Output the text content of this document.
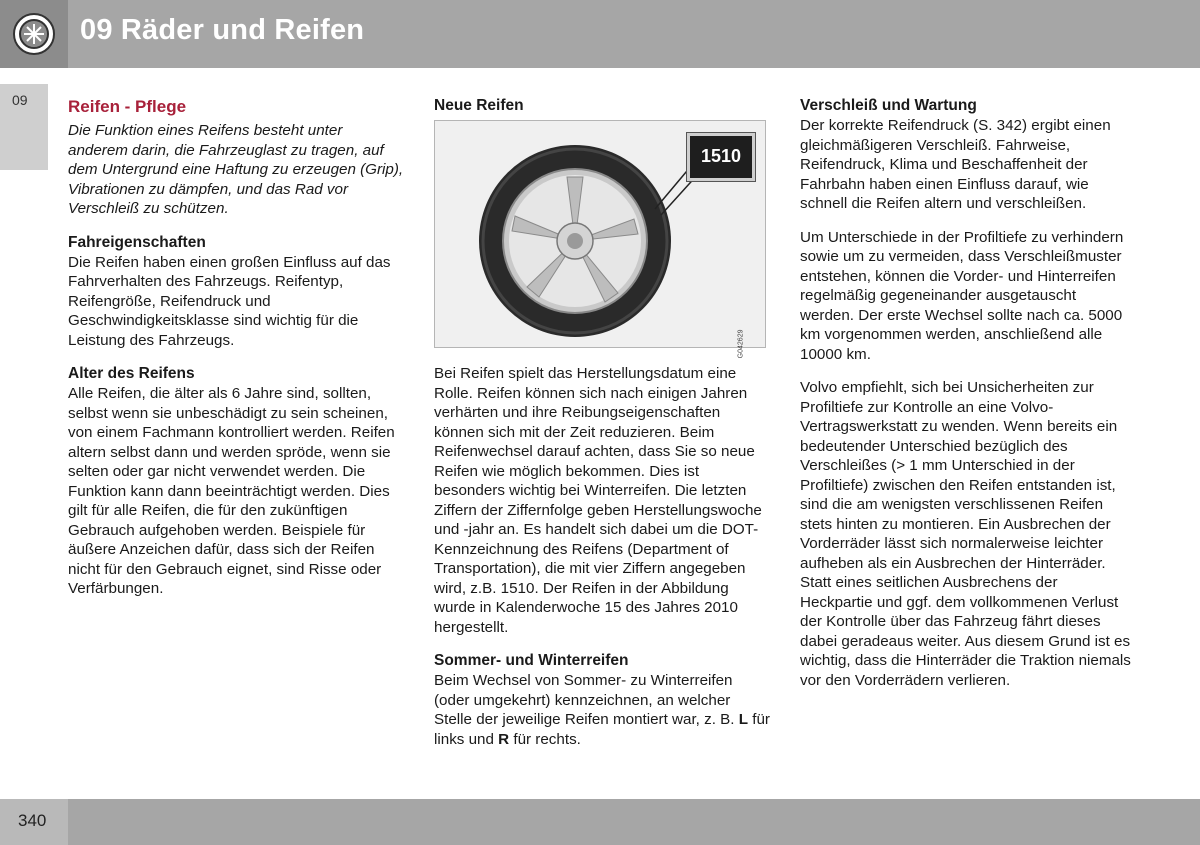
09 Räder und Reifen
09 Reifen - Pflege

Die Funktion eines Reifens besteht unter anderem darin, die Fahrzeuglast zu tragen, auf dem Untergrund eine Haftung zu erzeugen (Grip), Vibrationen zu dämpfen, und das Rad vor Verschleiß zu schützen.

Fahreigenschaften

Die Reifen haben einen großen Einfluss auf das Fahrverhalten des Fahrzeugs. Reifentyp, Reifengröße, Reifendruck und Geschwindigkeitsklasse sind wichtig für die Leistung des Fahrzeugs.

Alter des Reifens

Alle Reifen, die älter als 6 Jahre sind, sollten, selbst wenn sie unbeschädigt zu sein scheinen, von einem Fachmann kontrolliert werden. Reifen altern selbst dann und werden spröde, wenn sie selten oder gar nicht verwendet werden. Die Funktion kann dann beeinträchtigt werden. Dies gilt für alle Reifen, die für den zukünftigen Gebrauch aufgehoben werden. Beispiele für äußere Anzeichen dafür, dass sich der Reifen nicht für den Gebrauch eignet, sind Risse oder Verfärbungen.

Neue Reifen
1510
G042629

Bei Reifen spielt das Herstellungsdatum eine Rolle. Reifen können sich nach einigen Jahren verhärten und ihre Reibungseigenschaften können sich mit der Zeit reduzieren. Beim Reifenwechsel darauf achten, dass Sie so neue Reifen wie möglich bekommen. Dies ist besonders wichtig bei Winterreifen. Die letzten Ziffern der Ziffernfolge geben Herstellungswoche und -jahr an. Es handelt sich dabei um die DOT-Kennzeichnung des Reifens (Department of Transportation), die mit vier Ziffern angegeben wird, z.B. 1510. Der Reifen in der Abbildung wurde in Kalenderwoche 15 des Jahres 2010 hergestellt.

Sommer- und Winterreifen

Beim Wechsel von Sommer- zu Winterreifen (oder umgekehrt) kennzeichnen, an welcher Stelle der jeweilige Reifen montiert war, z. B. L für links und R für rechts.

Verschleiß und Wartung

Der korrekte Reifendruck (S. 342) ergibt einen gleichmäßigeren Verschleiß. Fahrweise, Reifendruck, Klima und Beschaffenheit der Fahrbahn haben einen Einfluss darauf, wie schnell die Reifen altern und verschleißen.

Um Unterschiede in der Profiltiefe zu verhindern sowie um zu vermeiden, dass Verschleißmuster entstehen, können die Vorder- und Hinterreifen regelmäßig gegeneinander ausgetauscht werden. Der erste Wechsel sollte nach ca. 5000 km vorgenommen werden, anschließend alle 10000 km.

Volvo empfiehlt, sich bei Unsicherheiten zur Profiltiefe zur Kontrolle an eine Volvo-Vertragswerkstatt zu wenden. Wenn bereits ein bedeutender Unterschied bezüglich des Verschleißes (> 1 mm Unterschied in der Profiltiefe) zwischen den Reifen entstanden ist, sind die am wenigsten verschlissenen Reifen stets hinten zu montieren. Ein Ausbrechen der Vorderräder lässt sich normalerweise leichter aufheben als ein Ausbrechen der Hinterräder. Statt eines seitlichen Ausbrechens der Heckpartie und ggf. dem vollkommenen Verlust der Kontrolle über das Fahrzeug fährt dieses dabei geradeaus weiter. Aus diesem Grund ist es wichtig, dass die Hinterräder die Traktion niemals vor den Vorderrädern verlieren.

340
